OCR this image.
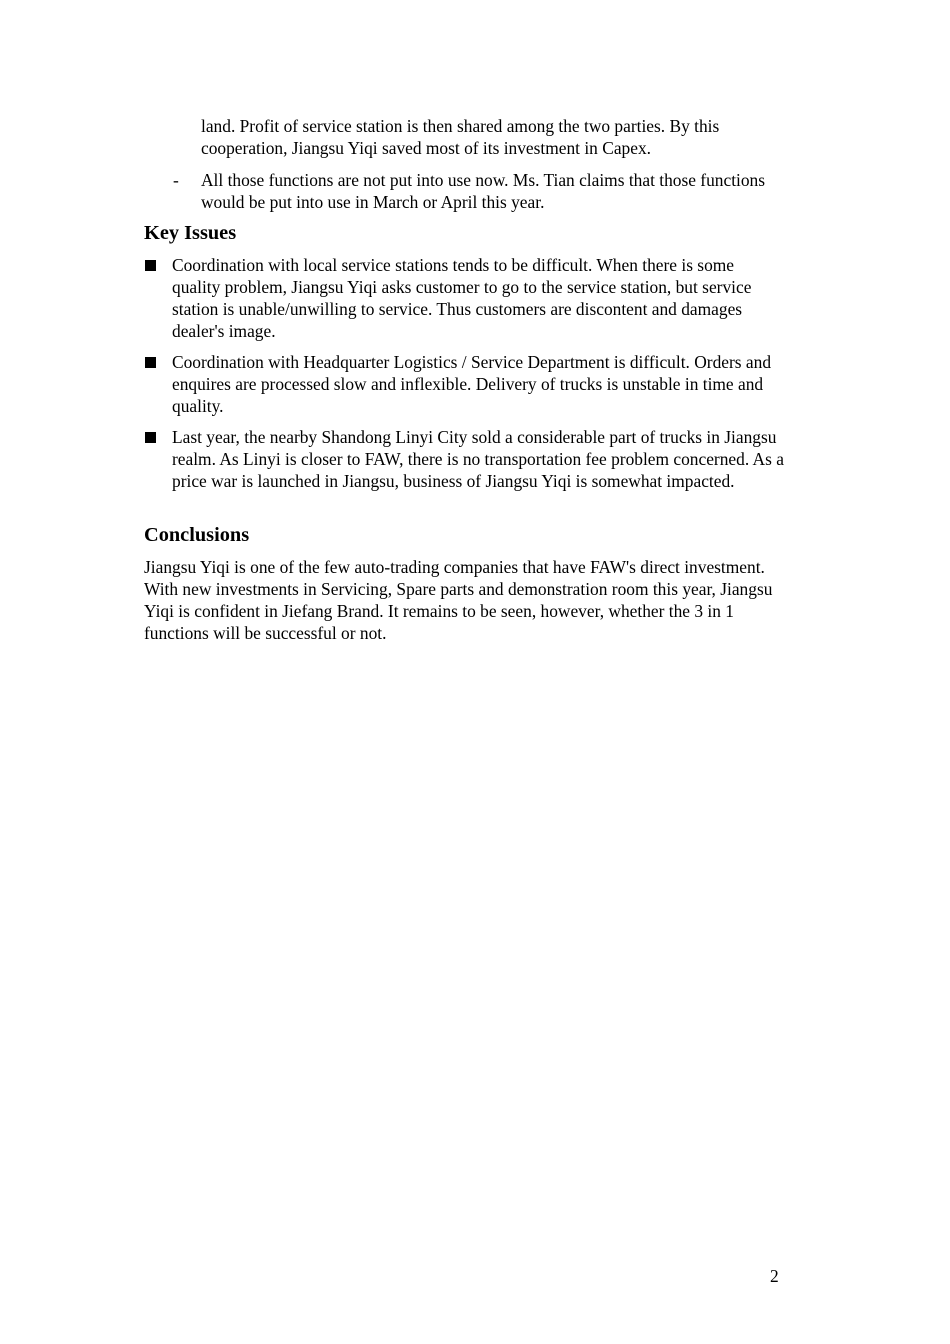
land. Profit of service station is then shared among the two parties. By this cooperation, Jiangsu Yiqi saved most of its investment in Capex.

-	All those functions are not put into use now. Ms. Tian claims that those functions would be put into use in March or April this year.

Key Issues
Coordination with local service stations tends to be difficult. When there is some quality problem, Jiangsu Yiqi asks customer to go to the service station, but service station is unable/unwilling to service. Thus customers are discontent and damages dealer's image.
Coordination with Headquarter Logistics / Service Department is difficult. Orders and enquires are processed slow and inflexible. Delivery of trucks is unstable in time and quality.
Last year, the nearby Shandong Linyi City sold a considerable part of trucks in Jiangsu realm. As Linyi is closer to FAW, there is no transportation fee problem concerned. As a price war is launched in Jiangsu, business of Jiangsu Yiqi is somewhat impacted.
Conclusions

Jiangsu Yiqi is one of the few auto-trading companies that have FAW's direct investment. With new investments in Servicing, Spare parts and demonstration room this year, Jiangsu Yiqi is confident in Jiefang Brand. It remains to be seen, however, whether the 3 in 1 functions will be successful or not.

2
